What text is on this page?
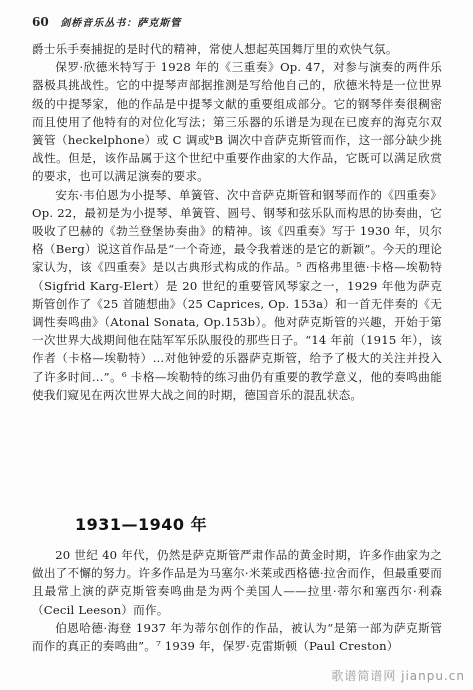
60 剑桥音乐丛书：萨克斯管

爵士乐手奏捕捉的是时代的精神，常使人想起英国舞厅里的欢快气氛。

保罗·欣德米特写于 1928 年的《三重奏》Op. 47，对参与演奏的两件乐器极具挑战性。它的中提琴声部据推测是写给他自己的，欣德米特是一位世界级的中提琴家，他的作品是中提琴文献的重要组成部分。它的钢琴伴奏很稠密而且使用了他特有的对位化写法；第三乐器的乐谱是为现在已废弃的海克尔双簧管（heckelphone）或 C 调或ᵇB 调次中音萨克斯管而作，这一部分缺少挑战性。但是，该作品属于这个世纪中重要作曲家的大作品，它既可以满足欣赏的要求，也可以满足演奏的要求。

安东·韦伯恩为小提琴、单簧管、次中音萨克斯管和钢琴而作的《四重奏》Op. 22，最初是为小提琴、单簧管、圆号、钢琴和弦乐队而构思的协奏曲，它吸收了巴赫的《勃兰登堡协奏曲》的精神。该《四重奏》写于 1930 年，贝尔格（Berg）说这首作品是“一个奇迹，最令我着迷的是它的新颖”。今天的理论家认为，该《四重奏》是以古典形式构成的作品。⁵ 西格弗里德·卡格—埃勒特（Sigfrid Karg-Elert）是 20 世纪的重要管风琴家之一，1929 年他为萨克斯管创作了《25 首随想曲》（25 Caprices, Op. 153a）和一首无伴奏的《无调性奏鸣曲》（Atonal Sonata, Op.153b）。他对萨克斯管的兴趣，开始于第一次世界大战期间他在陆军军乐队服役的那些日子。“14 年前（1915 年），该作者（卡格—埃勒特）…对他钟爱的乐器萨克斯管，给予了极大的关注并投入了许多时间…”。⁶ 卡格—埃勒特的练习曲仍有重要的教学意义，他的奏鸣曲能使我们窥见在两次世界大战之间的时期，德国音乐的混乱状态。

1931—1940 年

20 世纪 40 年代，仍然是萨克斯管严肃作品的黄金时期，许多作曲家为之做出了不懈的努力。许多作品是为马塞尔·米莱或西格德·拉舍而作，但最重要而且最常上演的萨克斯管奏鸣曲是为两个美国人——拉里·蒂尔和塞西尔·利森（Cecil Leeson）而作。

伯恩哈德·海登 1937 年为蒂尔创作的作品，被认为“是第一部为萨克斯管而作的真正的奏鸣曲”。⁷ 1939 年，保罗·克雷斯顿（Paul Creston）

歌谱简谱网 jianpu.cn
